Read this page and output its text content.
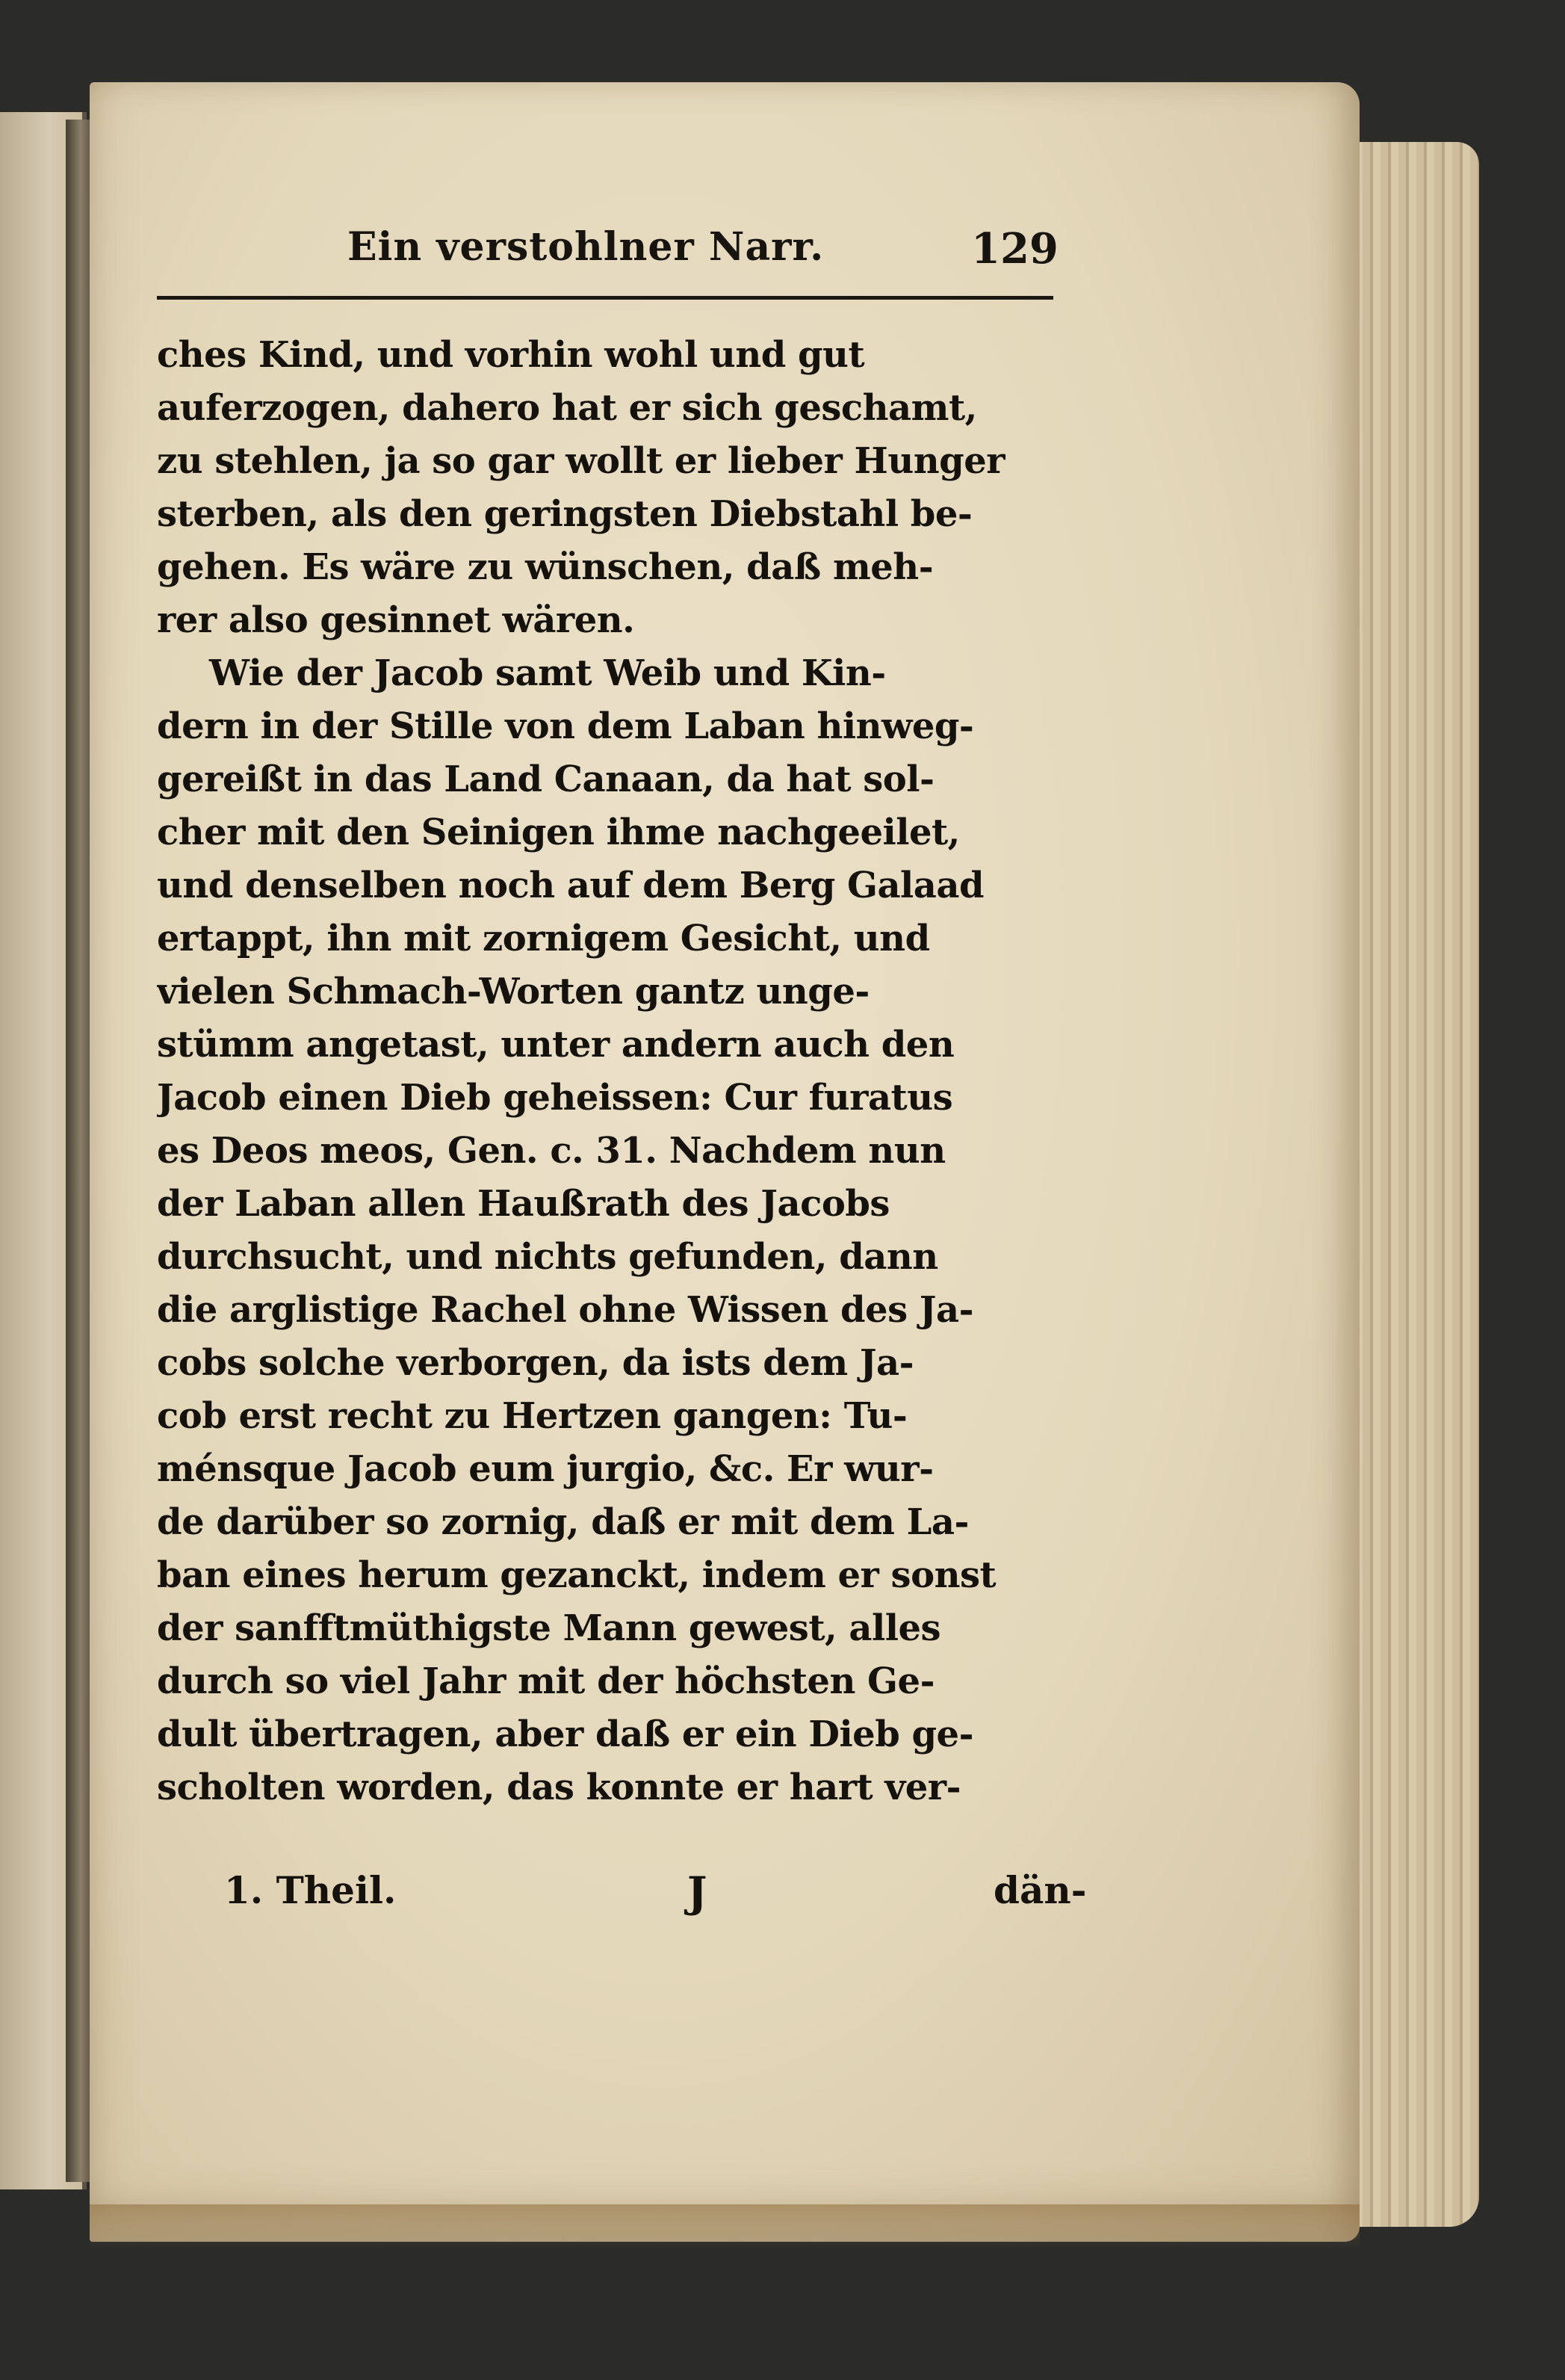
Ein verstohlner Narr.	129
ches Kind, und vorhin wohl und gut
auferzogen, dahero hat er sich geschamt,
zu stehlen, ja so gar wollt er lieber Hunger
sterben, als den geringsten Diebstahl be-
gehen. Es wäre zu wünschen, daß meh-
rer also gesinnet wären.
Wie der Jacob samt Weib und Kin-
dern in der Stille von dem Laban hinweg-
gereißt in das Land Canaan, da hat sol-
cher mit den Seinigen ihme nachgeeilet,
und denselben noch auf dem Berg Galaad
ertappt, ihn mit zornigem Gesicht, und
vielen Schmach-Worten gantz unge-
stümm angetast, unter andern auch den
Jacob einen Dieb geheissen: Cur furatus
es Deos meos, Gen. c. 31. Nachdem nun
der Laban allen Haußrath des Jacobs
durchsucht, und nichts gefunden, dann
die arglistige Rachel ohne Wissen des Ja-
cobs solche verborgen, da ists dem Ja-
cob erst recht zu Hertzen gangen: Tu-
ménsque Jacob eum jurgio, &c. Er wur-
de darüber so zornig, daß er mit dem La-
ban eines herum gezanckt, indem er sonst
der sanfftmüthigste Mann gewest, alles
durch so viel Jahr mit der höchsten Ge-
dult übertragen, aber daß er ein Dieb ge-
scholten worden, das konnte er hart ver-
1. Theil.	J	dän-
